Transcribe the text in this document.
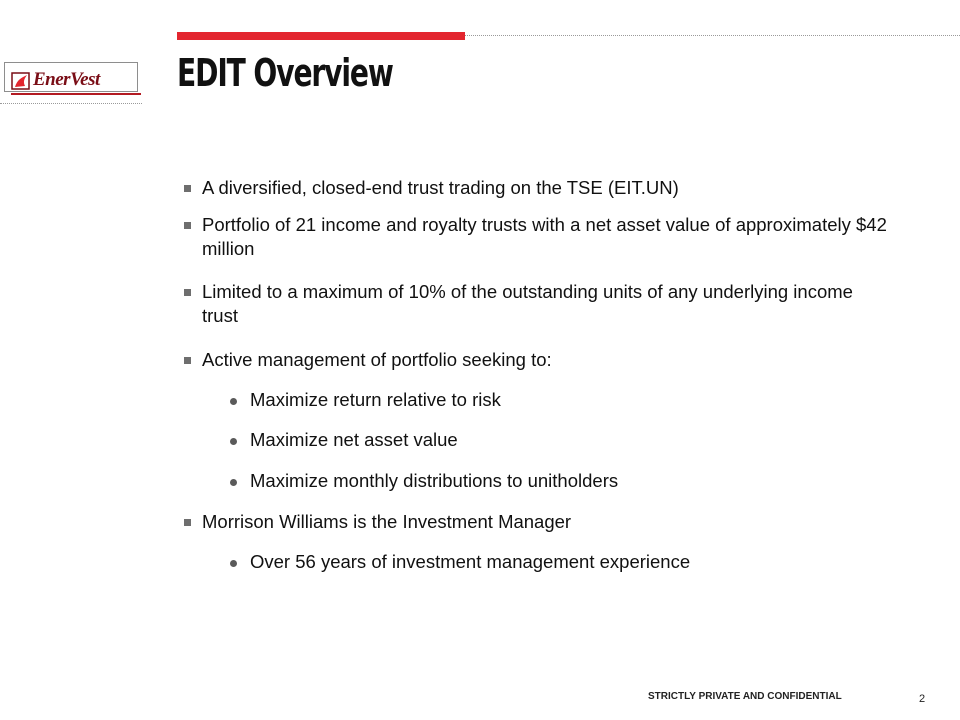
EnerVest EDIT Overview
A diversified, closed-end trust trading on the TSE (EIT.UN)
Portfolio of 21 income and royalty trusts with a net asset value of approximately $42 million
Limited to a maximum of 10% of the outstanding units of any underlying income trust
Active management of portfolio seeking to:
Maximize return relative to risk
Maximize net asset value
Maximize monthly distributions to unitholders
Morrison Williams is the Investment Manager
Over 56 years of investment management experience
STRICTLY PRIVATE AND CONFIDENTIAL	2
